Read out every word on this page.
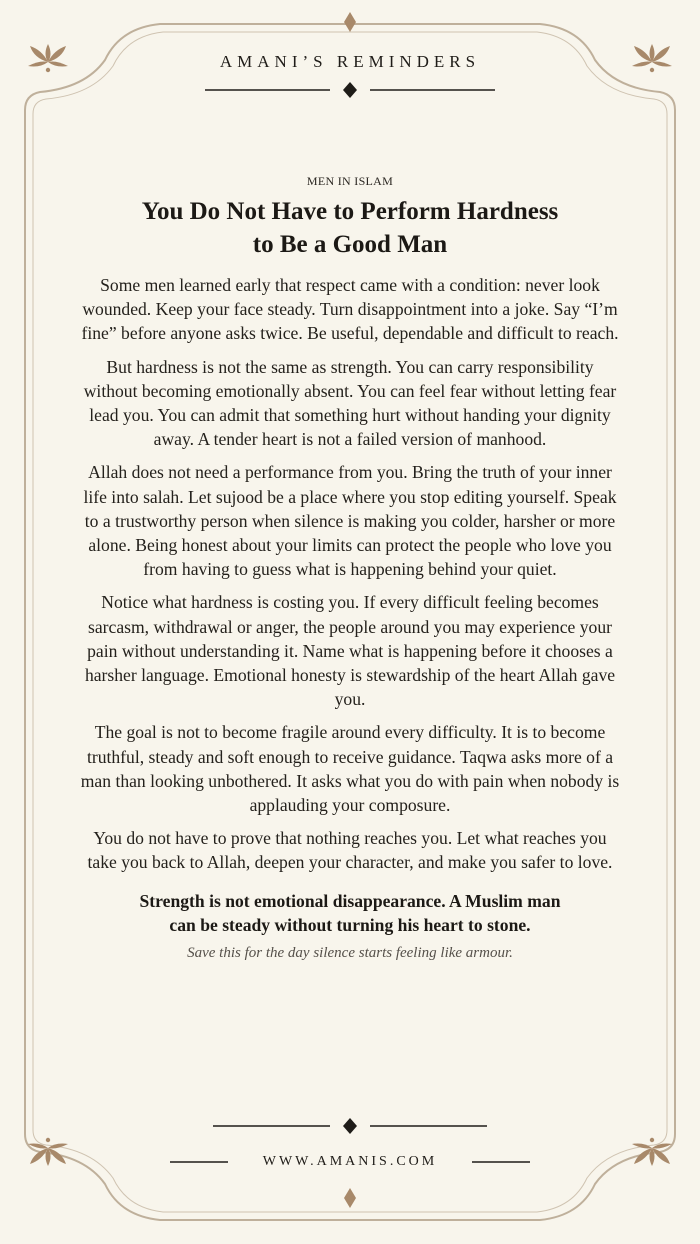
AMANI’S REMINDERS
MEN IN ISLAM
You Do Not Have to Perform Hardness
to Be a Good Man

Some men learned early that respect came with a condition: never look wounded. Keep your face steady. Turn disappointment into a joke. Say “I’m fine” before anyone asks twice. Be useful, dependable and difficult to reach.

But hardness is not the same as strength. You can carry responsibility without becoming emotionally absent. You can feel fear without letting fear lead you. You can admit that something hurt without handing your dignity away. A tender heart is not a failed version of manhood.

Allah does not need a performance from you. Bring the truth of your inner life into salah. Let sujood be a place where you stop editing yourself. Speak to a trustworthy person when silence is making you colder, harsher or more alone. Being honest about your limits can protect the people who love you from having to guess what is happening behind your quiet.

Notice what hardness is costing you. If every difficult feeling becomes sarcasm, withdrawal or anger, the people around you may experience your pain without understanding it. Name what is happening before it chooses a harsher language. Emotional honesty is stewardship of the heart Allah gave you.

The goal is not to become fragile around every difficulty. It is to become truthful, steady and soft enough to receive guidance. Taqwa asks more of a man than looking unbothered. It asks what you do with pain when nobody is applauding your composure.

You do not have to prove that nothing reaches you. Let what reaches you take you back to Allah, deepen your character, and make you safer to love.

Strength is not emotional disappearance. A Muslim man
can be steady without turning his heart to stone.

Save this for the day silence starts feeling like armour.

WWW.AMANIS.COM
